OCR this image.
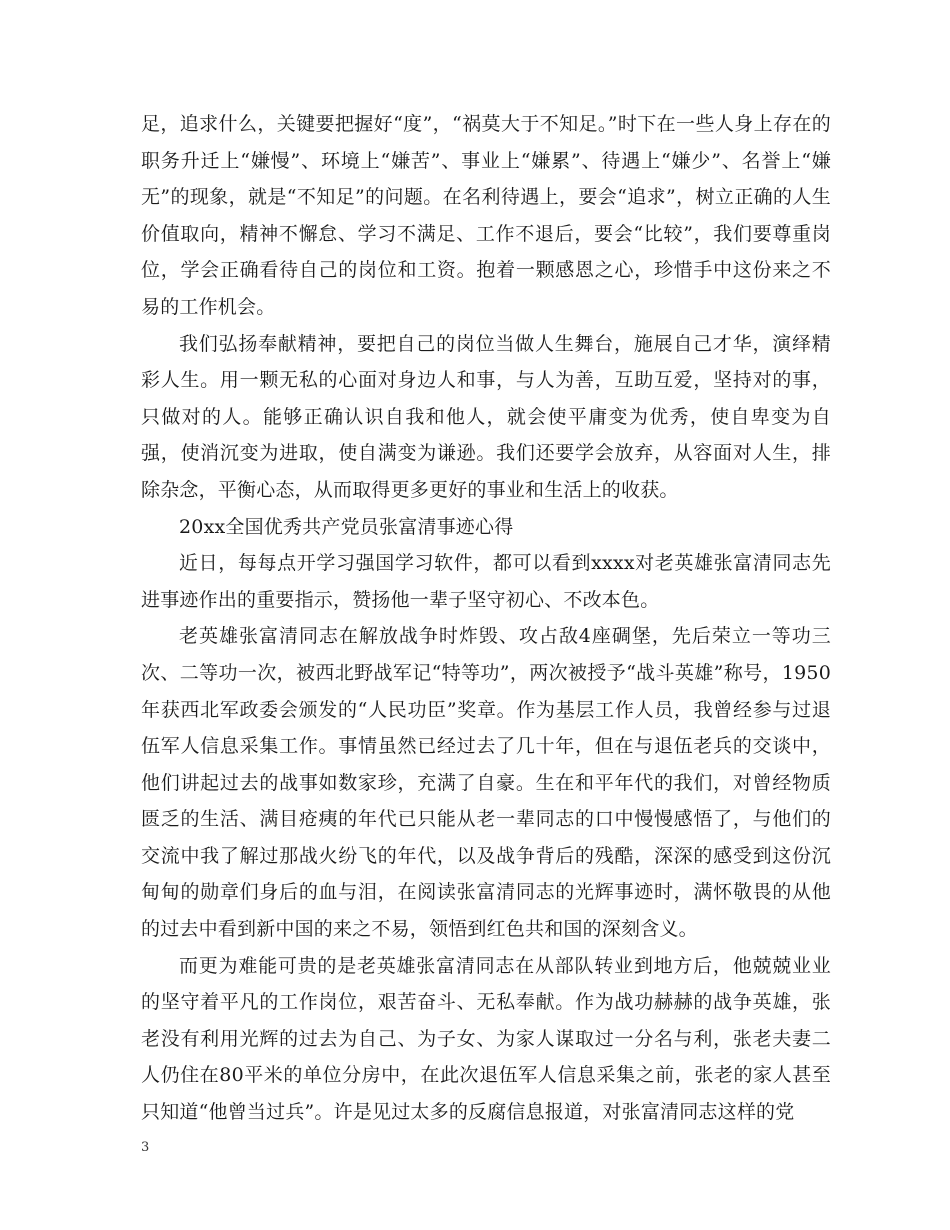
足，追求什么，关键要把握好“度”，“祸莫大于不知足。”时下在一些人身上存在的职务升迁上“嫌慢”、环境上“嫌苦”、事业上“嫌累”、待遇上“嫌少”、名誉上“嫌无”的现象，就是“不知足”的问题。在名利待遇上，要会“追求”，树立正确的人生价值取向，精神不懈怠、学习不满足、工作不退后，要会“比较”，我们要尊重岗位，学会正确看待自己的岗位和工资。抱着一颗感恩之心，珍惜手中这份来之不易的工作机会。

我们弘扬奉献精神，要把自己的岗位当做人生舞台，施展自己才华，演绎精彩人生。用一颗无私的心面对身边人和事，与人为善，互助互爱，坚持对的事，只做对的人。能够正确认识自我和他人，就会使平庸变为优秀，使自卑变为自强，使消沉变为进取，使自满变为谦逊。我们还要学会放弃，从容面对人生，排除杂念，平衡心态，从而取得更多更好的事业和生活上的收获。

20xx全国优秀共产党员张富清事迹心得

近日，每每点开学习强国学习软件，都可以看到xxxx对老英雄张富清同志先进事迹作出的重要指示，赞扬他一辈子坚守初心、不改本色。

老英雄张富清同志在解放战争时炸毁、攻占敌4座碉堡，先后荣立一等功三次、二等功一次，被西北野战军记“特等功”，两次被授予“战斗英雄”称号，1950年获西北军政委会颁发的“人民功臣”奖章。作为基层工作人员，我曾经参与过退伍军人信息采集工作。事情虽然已经过去了几十年，但在与退伍老兵的交谈中，他们讲起过去的战事如数家珍，充满了自豪。生在和平年代的我们，对曾经物质匮乏的生活、满目疮痍的年代已只能从老一辈同志的口中慢慢感悟了，与他们的交流中我了解过那战火纷飞的年代，以及战争背后的残酷，深深的感受到这份沉甸甸的勋章们身后的血与泪，在阅读张富清同志的光辉事迹时，满怀敬畏的从他的过去中看到新中国的来之不易，领悟到红色共和国的深刻含义。

而更为难能可贵的是老英雄张富清同志在从部队转业到地方后，他兢兢业业的坚守着平凡的工作岗位，艰苦奋斗、无私奉献。作为战功赫赫的战争英雄，张老没有利用光辉的过去为自己、为子女、为家人谋取过一分名与利，张老夫妻二人仍住在80平米的单位分房中，在此次退伍军人信息采集之前，张老的家人甚至只知道“他曾当过兵”。许是见过太多的反腐信息报道，对张富清同志这样的党

3
